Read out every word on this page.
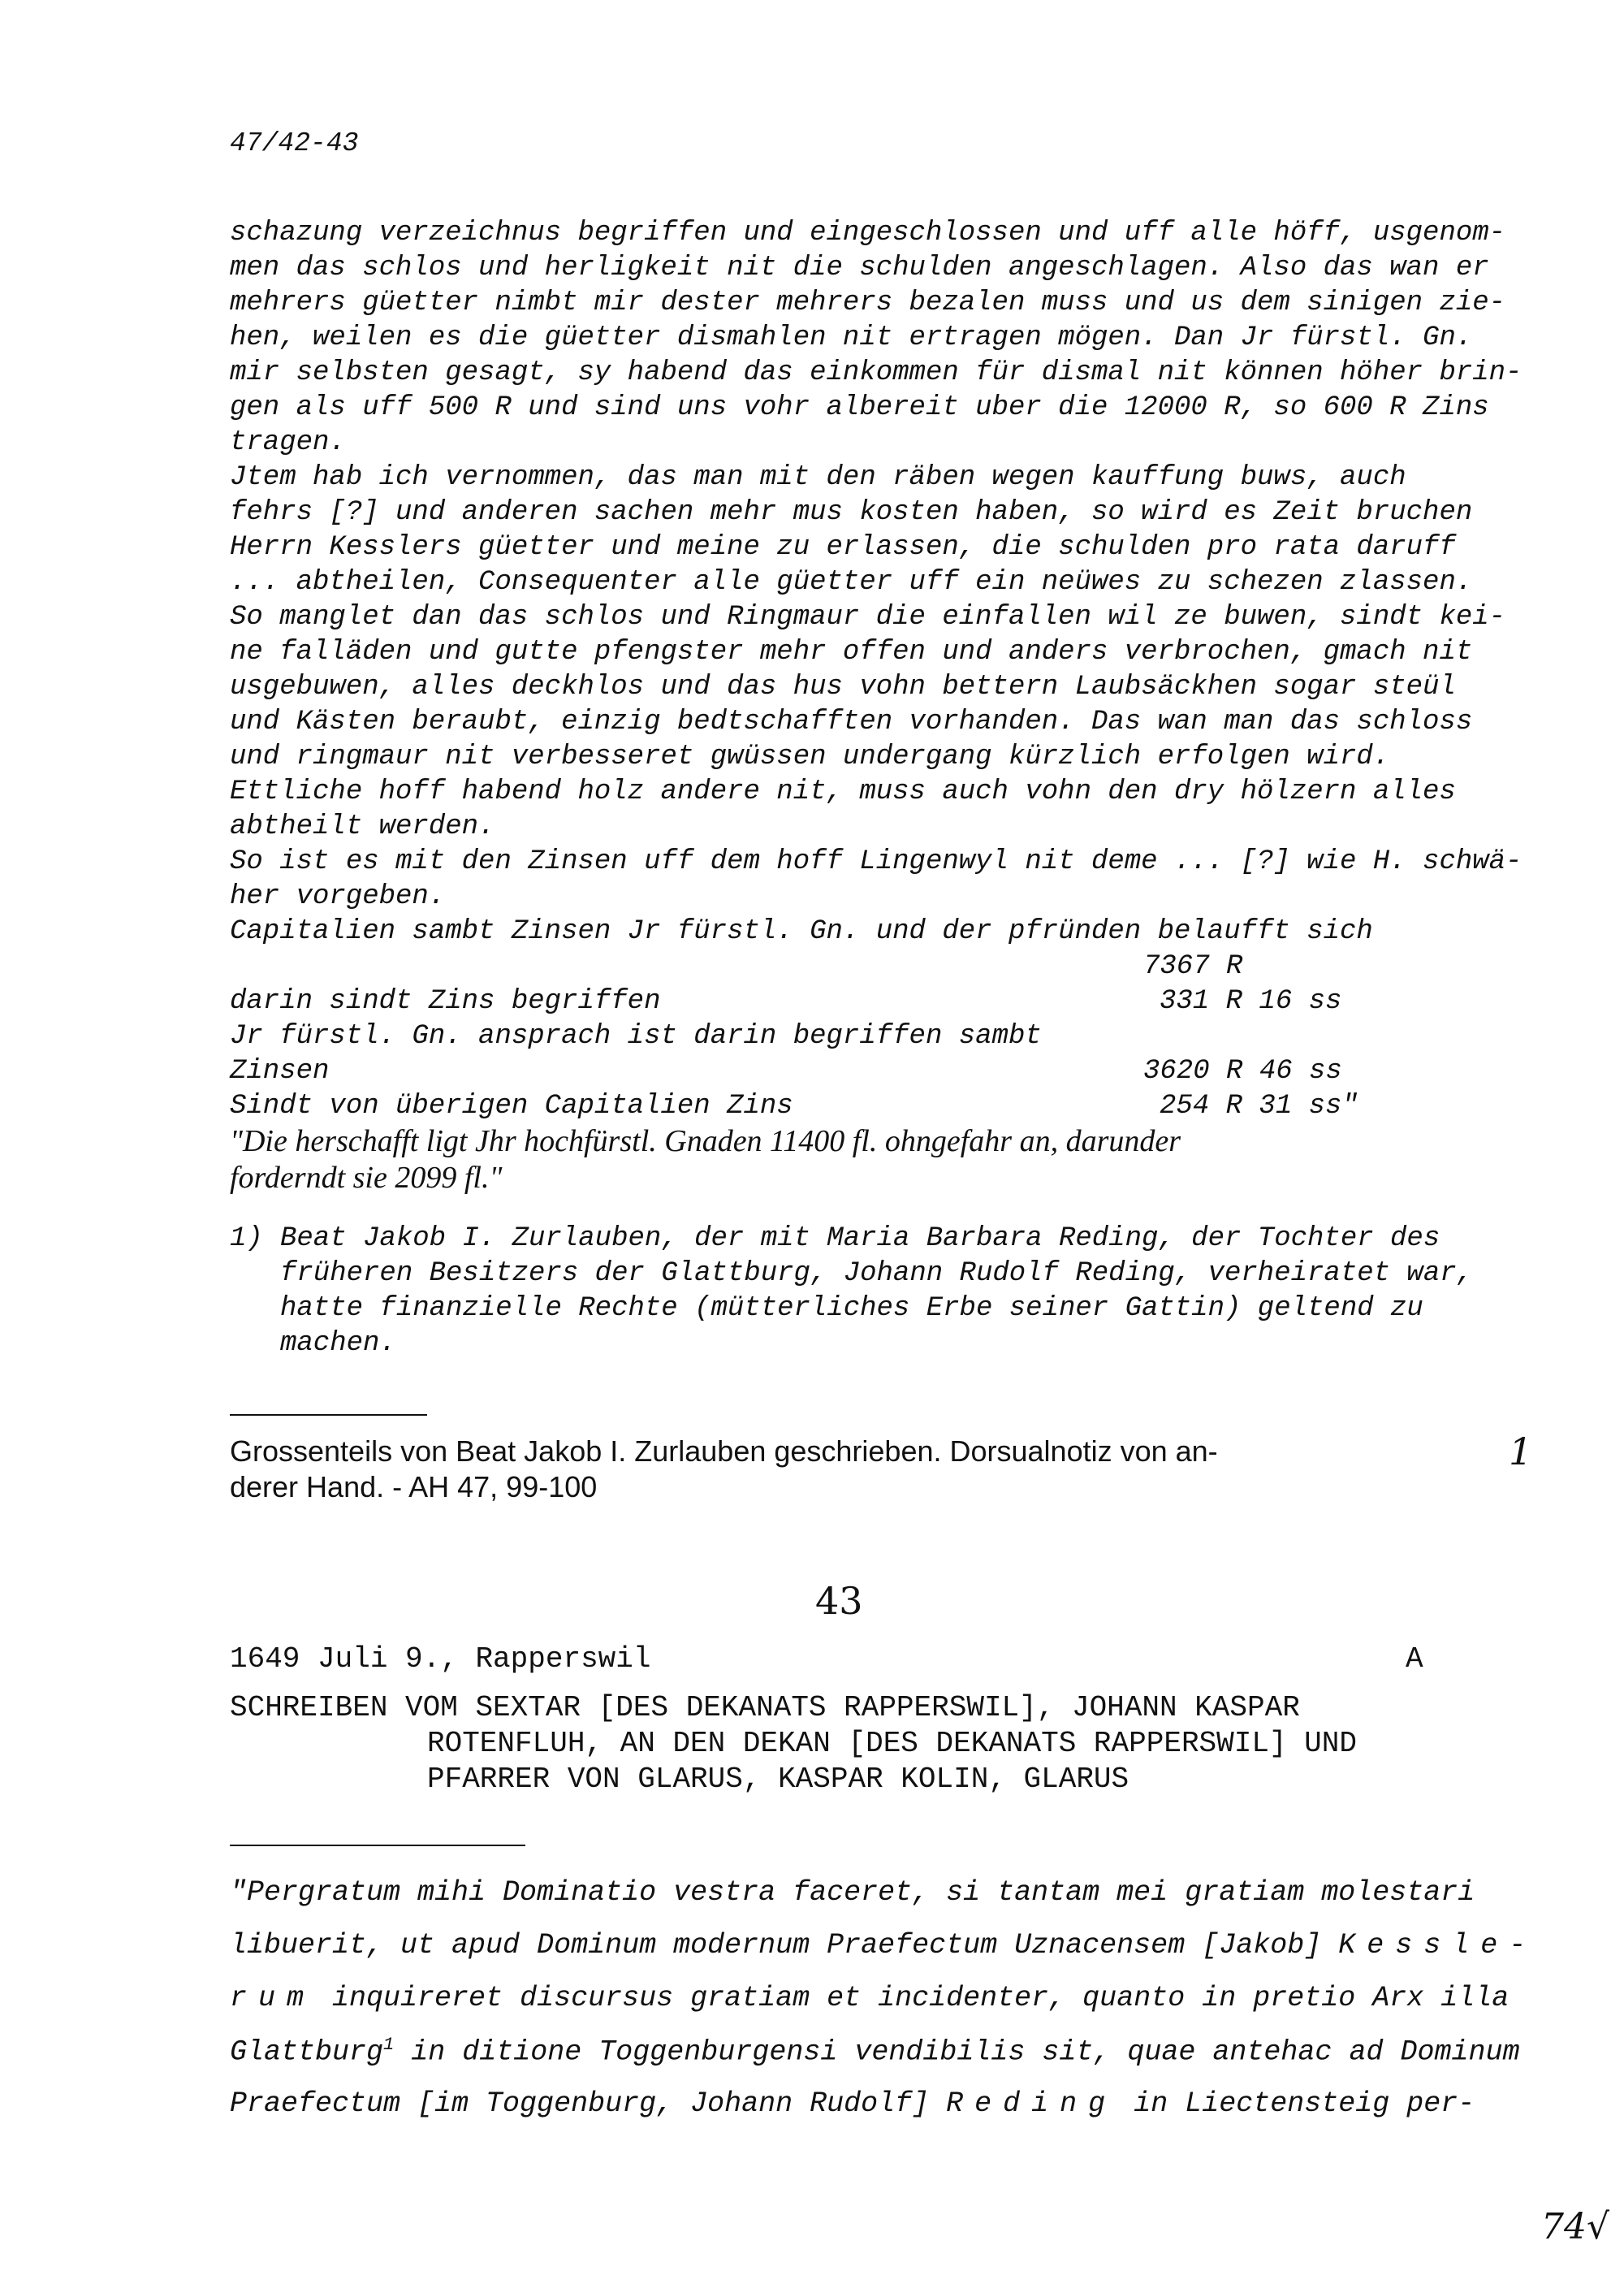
47/42-43
schazung verzeichnus begriffen und eingeschlossen und uff alle höff, usgenom-
men das schlos und herligkeit nit die schulden angeschlagen. Also das wan er
mehrers güetter nimbt mir dester mehrers bezalen muss und us dem sinigen zie-
hen, weilen es die güetter dismahlen nit ertragen mögen. Dan Jr fürstl. Gn.
mir selbsten gesagt, sy habend das einkommen für dismal nit können höher brin-
gen als uff 500 R und sind uns vohr albereit uber die 12000 R, so 600 R Zins
tragen.
Jtem hab ich vernommen, das man mit den räben wegen kauffung buws, auch
fehrs [?] und anderen sachen mehr mus kosten haben, so wird es Zeit bruchen
Herrn Kesslers güetter und meine zu erlassen, die schulden pro rata daruff
... abtheilen, Consequenter alle güetter uff ein neüwes zu schezen zlassen.
So manglet dan das schlos und Ringmaur die einfallen wil ze buwen, sindt kei-
ne falläden und gutte pfengster mehr offen und anders verbrochen, gmach nit
usgebuwen, alles deckhlos und das hus vohn bettern Laubsäckhen sogar steül
und Kästen beraubt, einzig bedtschafften vorhanden. Das wan man das schloss
und ringmaur nit verbesseret gwüssen undergang kürzlich erfolgen wird.
Ettliche hoff habend holz andere nit, muss auch vohn den dry hölzern alles
abtheilt werden.
So ist es mit den Zinsen uff dem hoff Lingenwyl nit deme ... [?] wie H. schwä-
her vorgeben.
Capitalien sambt Zinsen Jr fürstl. Gn. und der pfründen belaufft sich
7367 R
darin sindt Zins begriffen	331 R 16 ss
Jr fürstl. Gn. ansprach ist darin begriffen sambt
Zinsen	3620 R 46 ss
Sindt von überigen Capitalien Zins	254 R 31 ss"
"Die herschafft ligt Jhr hochfürstl. Gnaden 11400 fl. ohngefahr an, darunder
forderndt sie 2099 fl."
1) Beat Jakob I. Zurlauben, der mit Maria Barbara Reding, der Tochter des
früheren Besitzers der Glattburg, Johann Rudolf Reding, verheiratet war,
hatte finanzielle Rechte (mütterliches Erbe seiner Gattin) geltend zu
machen.
Grossenteils von Beat Jakob I. Zurlauben geschrieben. Dorsualnotiz von an-
derer Hand. - AH 47, 99-100
1
43
1649 Juli 9., Rapperswil	A
SCHREIBEN VOM SEXTAR [DES DEKANATS RAPPERSWIL], JOHANN KASPAR
ROTENFLUH, AN DEN DEKAN [DES DEKANATS RAPPERSWIL] UND
PFARRER VON GLARUS, KASPAR KOLIN, GLARUS
"Pergratum mihi Dominatio vestra faceret, si tantam mei gratiam molestari
libuerit, ut apud Dominum modernum Praefectum Uznacensem [Jakob] Kessle-
rum inquireret discursus gratiam et incidenter, quanto in pretio Arx illa
Glattburg$^1$ in ditione Toggenburgensi vendibilis sit, quae antehac ad Dominum
Praefectum [im Toggenburg, Johann Rudolf] Reding in Liectensteig per-
74√
